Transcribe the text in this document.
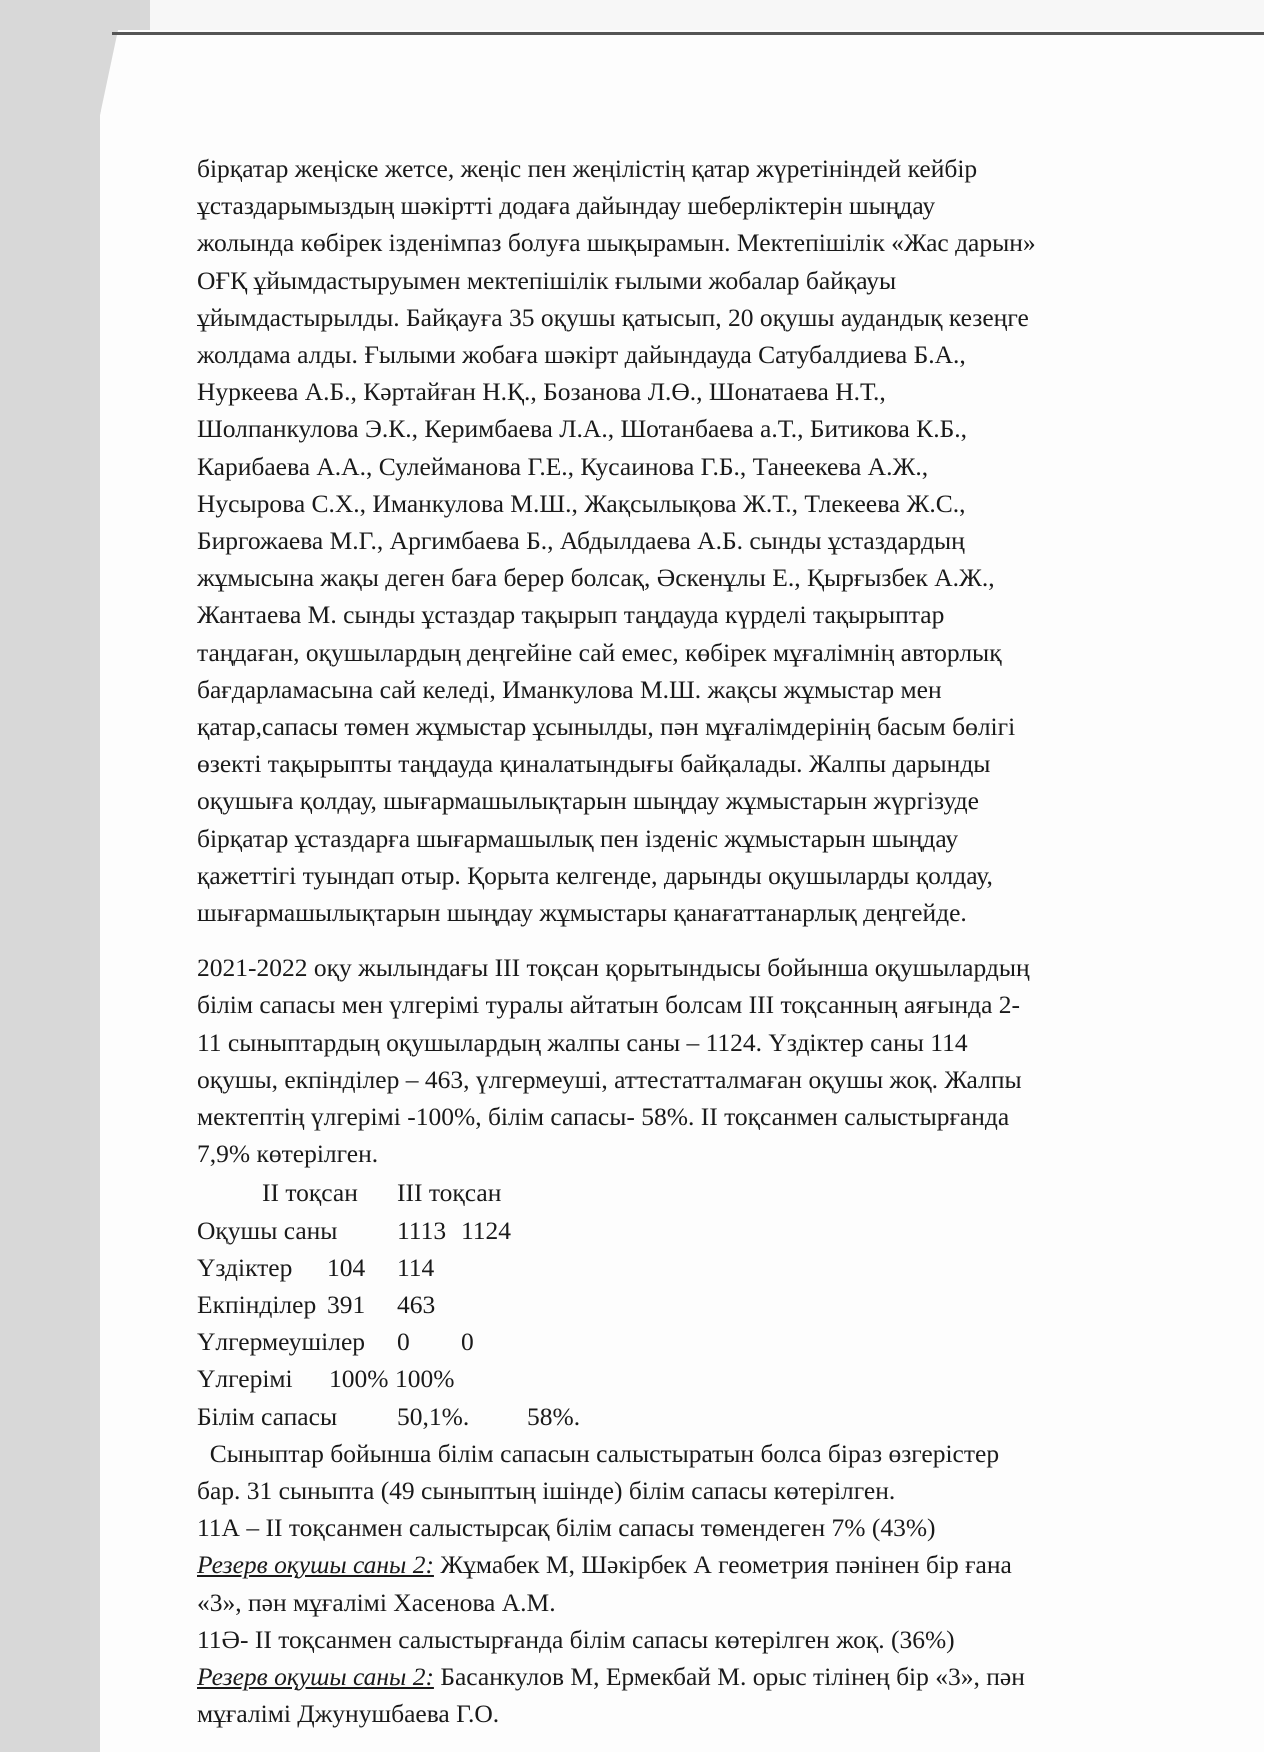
бірқатар жеңіске жетсе, жеңіс пен жеңілістің қатар жүретініндей кейбір

ұстаздарымыздың шәкіртті додаға дайындау шеберліктерін шыңдау

жолында көбірек ізденімпаз болуға шықырамын. Мектепішілік «Жас дарын»

ОҒҚ ұйымдастыруымен мектепішілік ғылыми жобалар байқауы

ұйымдастырылды. Байқауға 35 оқушы қатысып, 20 оқушы аудандық кезеңге

жолдама алды. Ғылыми жобаға шәкірт дайындауда Сатубалдиева Б.А.,

Нуркеева А.Б., Кәртайған Н.Қ., Бозанова Л.Ө., Шонатаева Н.Т.,

Шолпанкулова Э.К., Керимбаева Л.А., Шотанбаева а.Т., Битикова К.Б.,

Карибаева А.А., Сулейманова Г.Е., Кусаинова Г.Б., Танеекева А.Ж.,

Нусырова С.Х., Иманкулова М.Ш., Жақсылықова Ж.Т., Тлекеева Ж.С.,

Биргожаева М.Г., Аргимбаева Б., Абдылдаева А.Б. сынды ұстаздардың

жұмысына жақы деген баға берер болсақ, Әскенұлы Е., Қырғызбек А.Ж.,

Жантаева М. сынды ұстаздар тақырып таңдауда күрделі тақырыптар

таңдаған, оқушылардың деңгейіне сай емес, көбірек мұғалімнің авторлық

бағдарламасына сай келеді, Иманкулова М.Ш. жақсы жұмыстар мен

қатар,сапасы төмен жұмыстар ұсынылды, пән мұғалімдерінің басым бөлігі

өзекті тақырыпты таңдауда қиналатындығы байқалады. Жалпы дарынды

оқушыға қолдау, шығармашылықтарын шыңдау жұмыстарын жүргізуде

бірқатар ұстаздарға шығармашылық пен ізденіс жұмыстарын шыңдау

қажеттігі туындап отыр. Қорыта келгенде, дарынды оқушыларды қолдау,

шығармашылықтарын шыңдау жұмыстары қанағаттанарлық деңгейде.

2021-2022 оқу жылындағы ІІІ тоқсан қорытындысы бойынша оқушылардың

білім сапасы мен үлгерімі туралы айтатын болсам ІІІ тоқсанның аяғында 2-

11 сыныптардың оқушылардың жалпы саны – 1124. Үздіктер саны 114

оқушы, екпінділер – 463, үлгермеуші, аттестатталмаған оқушы жоқ. Жалпы

мектептің үлгерімі -100%, білім сапасы- 58%. ІІ тоқсанмен салыстырғанда

7,9% көтерілген.

ІІ тоқсан ІІІ тоқсан
Оқушы саны 1113 1124
Үздіктер 104 114
Екпінділер 391 463
Үлгермеушілер 0 0
Үлгерімі 100% 100%
Білім сапасы 50,1%. 58%.

Сыныптар бойынша білім сапасын салыстыратын болса біраз өзгерістер

бар. 31 сыныпта (49 сыныптың ішінде) білім сапасы көтерілген.

11А – ІІ тоқсанмен салыстырсақ білім сапасы төмендеген 7% (43%)

Резерв оқушы саны 2: Жұмабек М, Шәкірбек А геометрия пәнінен бір ғана

«3», пән мұғалімі Хасенова А.М.

11Ә- ІІ тоқсанмен салыстырғанда білім сапасы көтерілген жоқ. (36%)

Резерв оқушы саны 2: Басанкулов М, Ермекбай М. орыс тілінең бір «3», пән

мұғалімі Джунушбаева Г.О.
